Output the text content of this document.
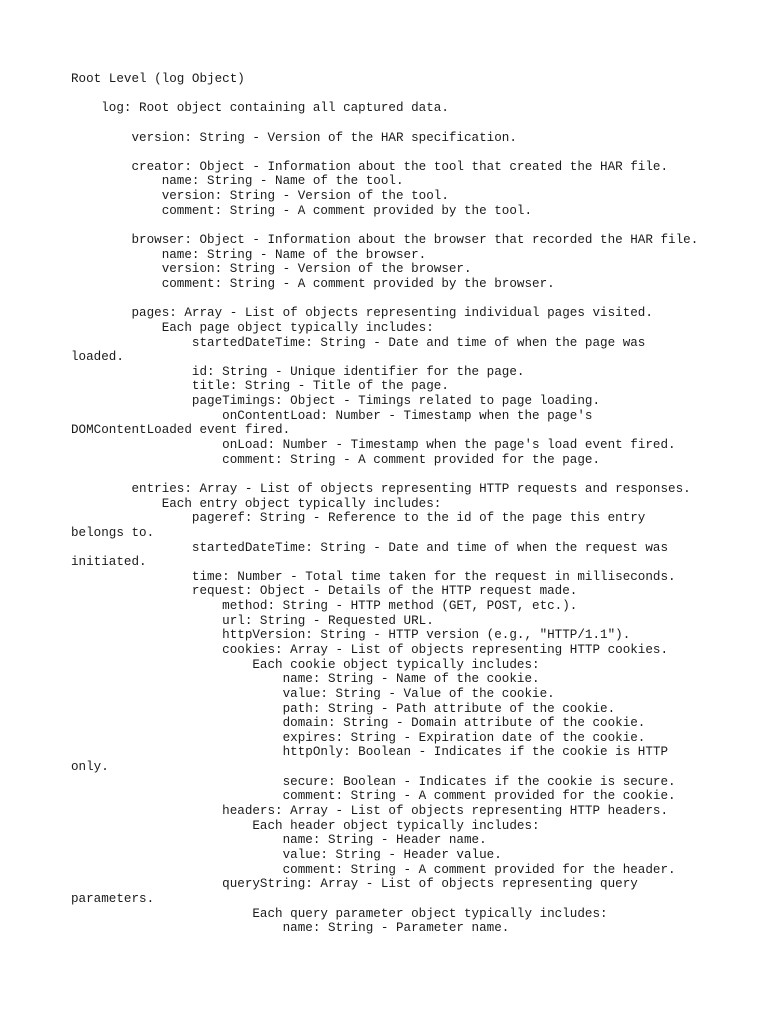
Root Level (log Object)

log: Root object containing all captured data.

version: String - Version of the HAR specification.

creator: Object - Information about the tool that created the HAR file.
name: String - Name of the tool.
version: String - Version of the tool.
comment: String - A comment provided by the tool.

browser: Object - Information about the browser that recorded the HAR file.
name: String - Name of the browser.
version: String - Version of the browser.
comment: String - A comment provided by the browser.

pages: Array - List of objects representing individual pages visited.
Each page object typically includes:
startedDateTime: String - Date and time of when the page was
loaded.
id: String - Unique identifier for the page.
title: String - Title of the page.
pageTimings: Object - Timings related to page loading.
onContentLoad: Number - Timestamp when the page's
DOMContentLoaded event fired.
onLoad: Number - Timestamp when the page's load event fired.
comment: String - A comment provided for the page.

entries: Array - List of objects representing HTTP requests and responses.
Each entry object typically includes:
pageref: String - Reference to the id of the page this entry
belongs to.
startedDateTime: String - Date and time of when the request was
initiated.
time: Number - Total time taken for the request in milliseconds.
request: Object - Details of the HTTP request made.
method: String - HTTP method (GET, POST, etc.).
url: String - Requested URL.
httpVersion: String - HTTP version (e.g., "HTTP/1.1").
cookies: Array - List of objects representing HTTP cookies.
Each cookie object typically includes:
name: String - Name of the cookie.
value: String - Value of the cookie.
path: String - Path attribute of the cookie.
domain: String - Domain attribute of the cookie.
expires: String - Expiration date of the cookie.
httpOnly: Boolean - Indicates if the cookie is HTTP
only.
secure: Boolean - Indicates if the cookie is secure.
comment: String - A comment provided for the cookie.
headers: Array - List of objects representing HTTP headers.
Each header object typically includes:
name: String - Header name.
value: String - Header value.
comment: String - A comment provided for the header.
queryString: Array - List of objects representing query
parameters.
Each query parameter object typically includes:
name: String - Parameter name.
